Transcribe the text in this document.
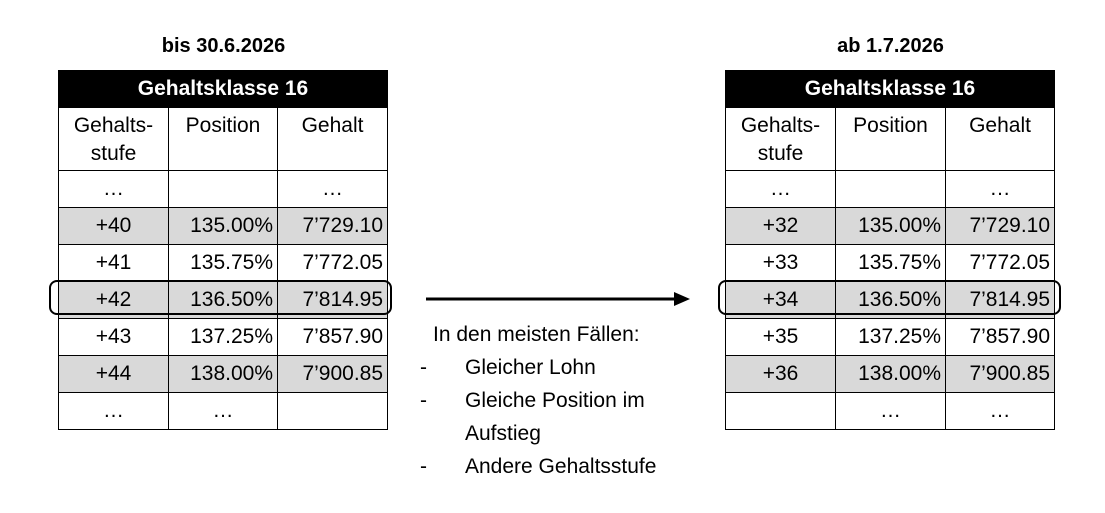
bis 30.6.2026
Gehaltsklasse 16		
Gehalts-stufe	Position	Gehalt
…		…
+40	135.00%	7’729.10
+41	135.75%	7’772.05
+42	136.50%	7’814.95
+43	137.25%	7’857.90
+44	138.00%	7’900.85
…	…	
In den meisten Fällen:
-	Gleicher Lohn
-	Gleiche Position im Aufstieg
-	Andere Gehaltsstufe
ab 1.7.2026
Gehaltsklasse 16		
Gehalts-stufe	Position	Gehalt
…		…
+32	135.00%	7’729.10
+33	135.75%	7’772.05
+34	136.50%	7’814.95
+35	137.25%	7’857.90
+36	138.00%	7’900.85
	…	…
